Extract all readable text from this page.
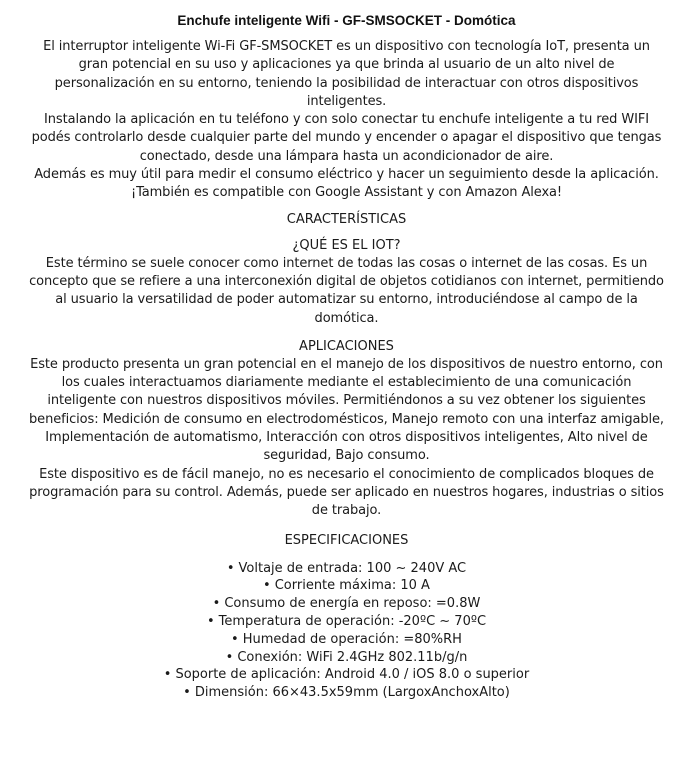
Enchufe inteligente Wifi - GF-SMSOCKET - Domótica

El interruptor inteligente Wi-Fi GF-SMSOCKET es un dispositivo con tecnología IoT, presenta un gran potencial en su uso y aplicaciones ya que brinda al usuario de un alto nivel de personalización en su entorno, teniendo la posibilidad de interactuar con otros dispositivos inteligentes.

Instalando la aplicación en tu teléfono y con solo conectar tu enchufe inteligente a tu red WIFI podés controlarlo desde cualquier parte del mundo y encender o apagar el dispositivo que tengas conectado, desde una lámpara hasta un acondicionador de aire.

Además es muy útil para medir el consumo eléctrico y hacer un seguimiento desde la aplicación. ¡También es compatible con Google Assistant y con Amazon Alexa!

CARACTERÍSTICAS
¿QUÉ ES EL IOT?

Este término se suele conocer como internet de todas las cosas o internet de las cosas. Es un concepto que se refiere a una interconexión digital de objetos cotidianos con internet, permitiendo al usuario la versatilidad de poder automatizar su entorno, introduciéndose al campo de la domótica.

APLICACIONES

Este producto presenta un gran potencial en el manejo de los dispositivos de nuestro entorno, con los cuales interactuamos diariamente mediante el establecimiento de una comunicación inteligente con nuestros dispositivos móviles. Permitiéndonos a su vez obtener los siguientes beneficios: Medición de consumo en electrodomésticos, Manejo remoto con una interfaz amigable, Implementación de automatismo, Interacción con otros dispositivos inteligentes, Alto nivel de seguridad, Bajo consumo.

Este dispositivo es de fácil manejo, no es necesario el conocimiento de complicados bloques de programación para su control. Además, puede ser aplicado en nuestros hogares, industrias o sitios de trabajo.

ESPECIFICACIONES
• Voltaje de entrada: 100 ~ 240V AC
• Corriente máxima: 10 A
• Consumo de energía en reposo: =0.8W
• Temperatura de operación: -20ºC ~ 70ºC
• Humedad de operación: =80%RH
• Conexión: WiFi 2.4GHz 802.11b/g/n
• Soporte de aplicación: Android 4.0 / iOS 8.0 o superior
• Dimensión: 66×43.5x59mm (LargoxAnchoxAlto)
